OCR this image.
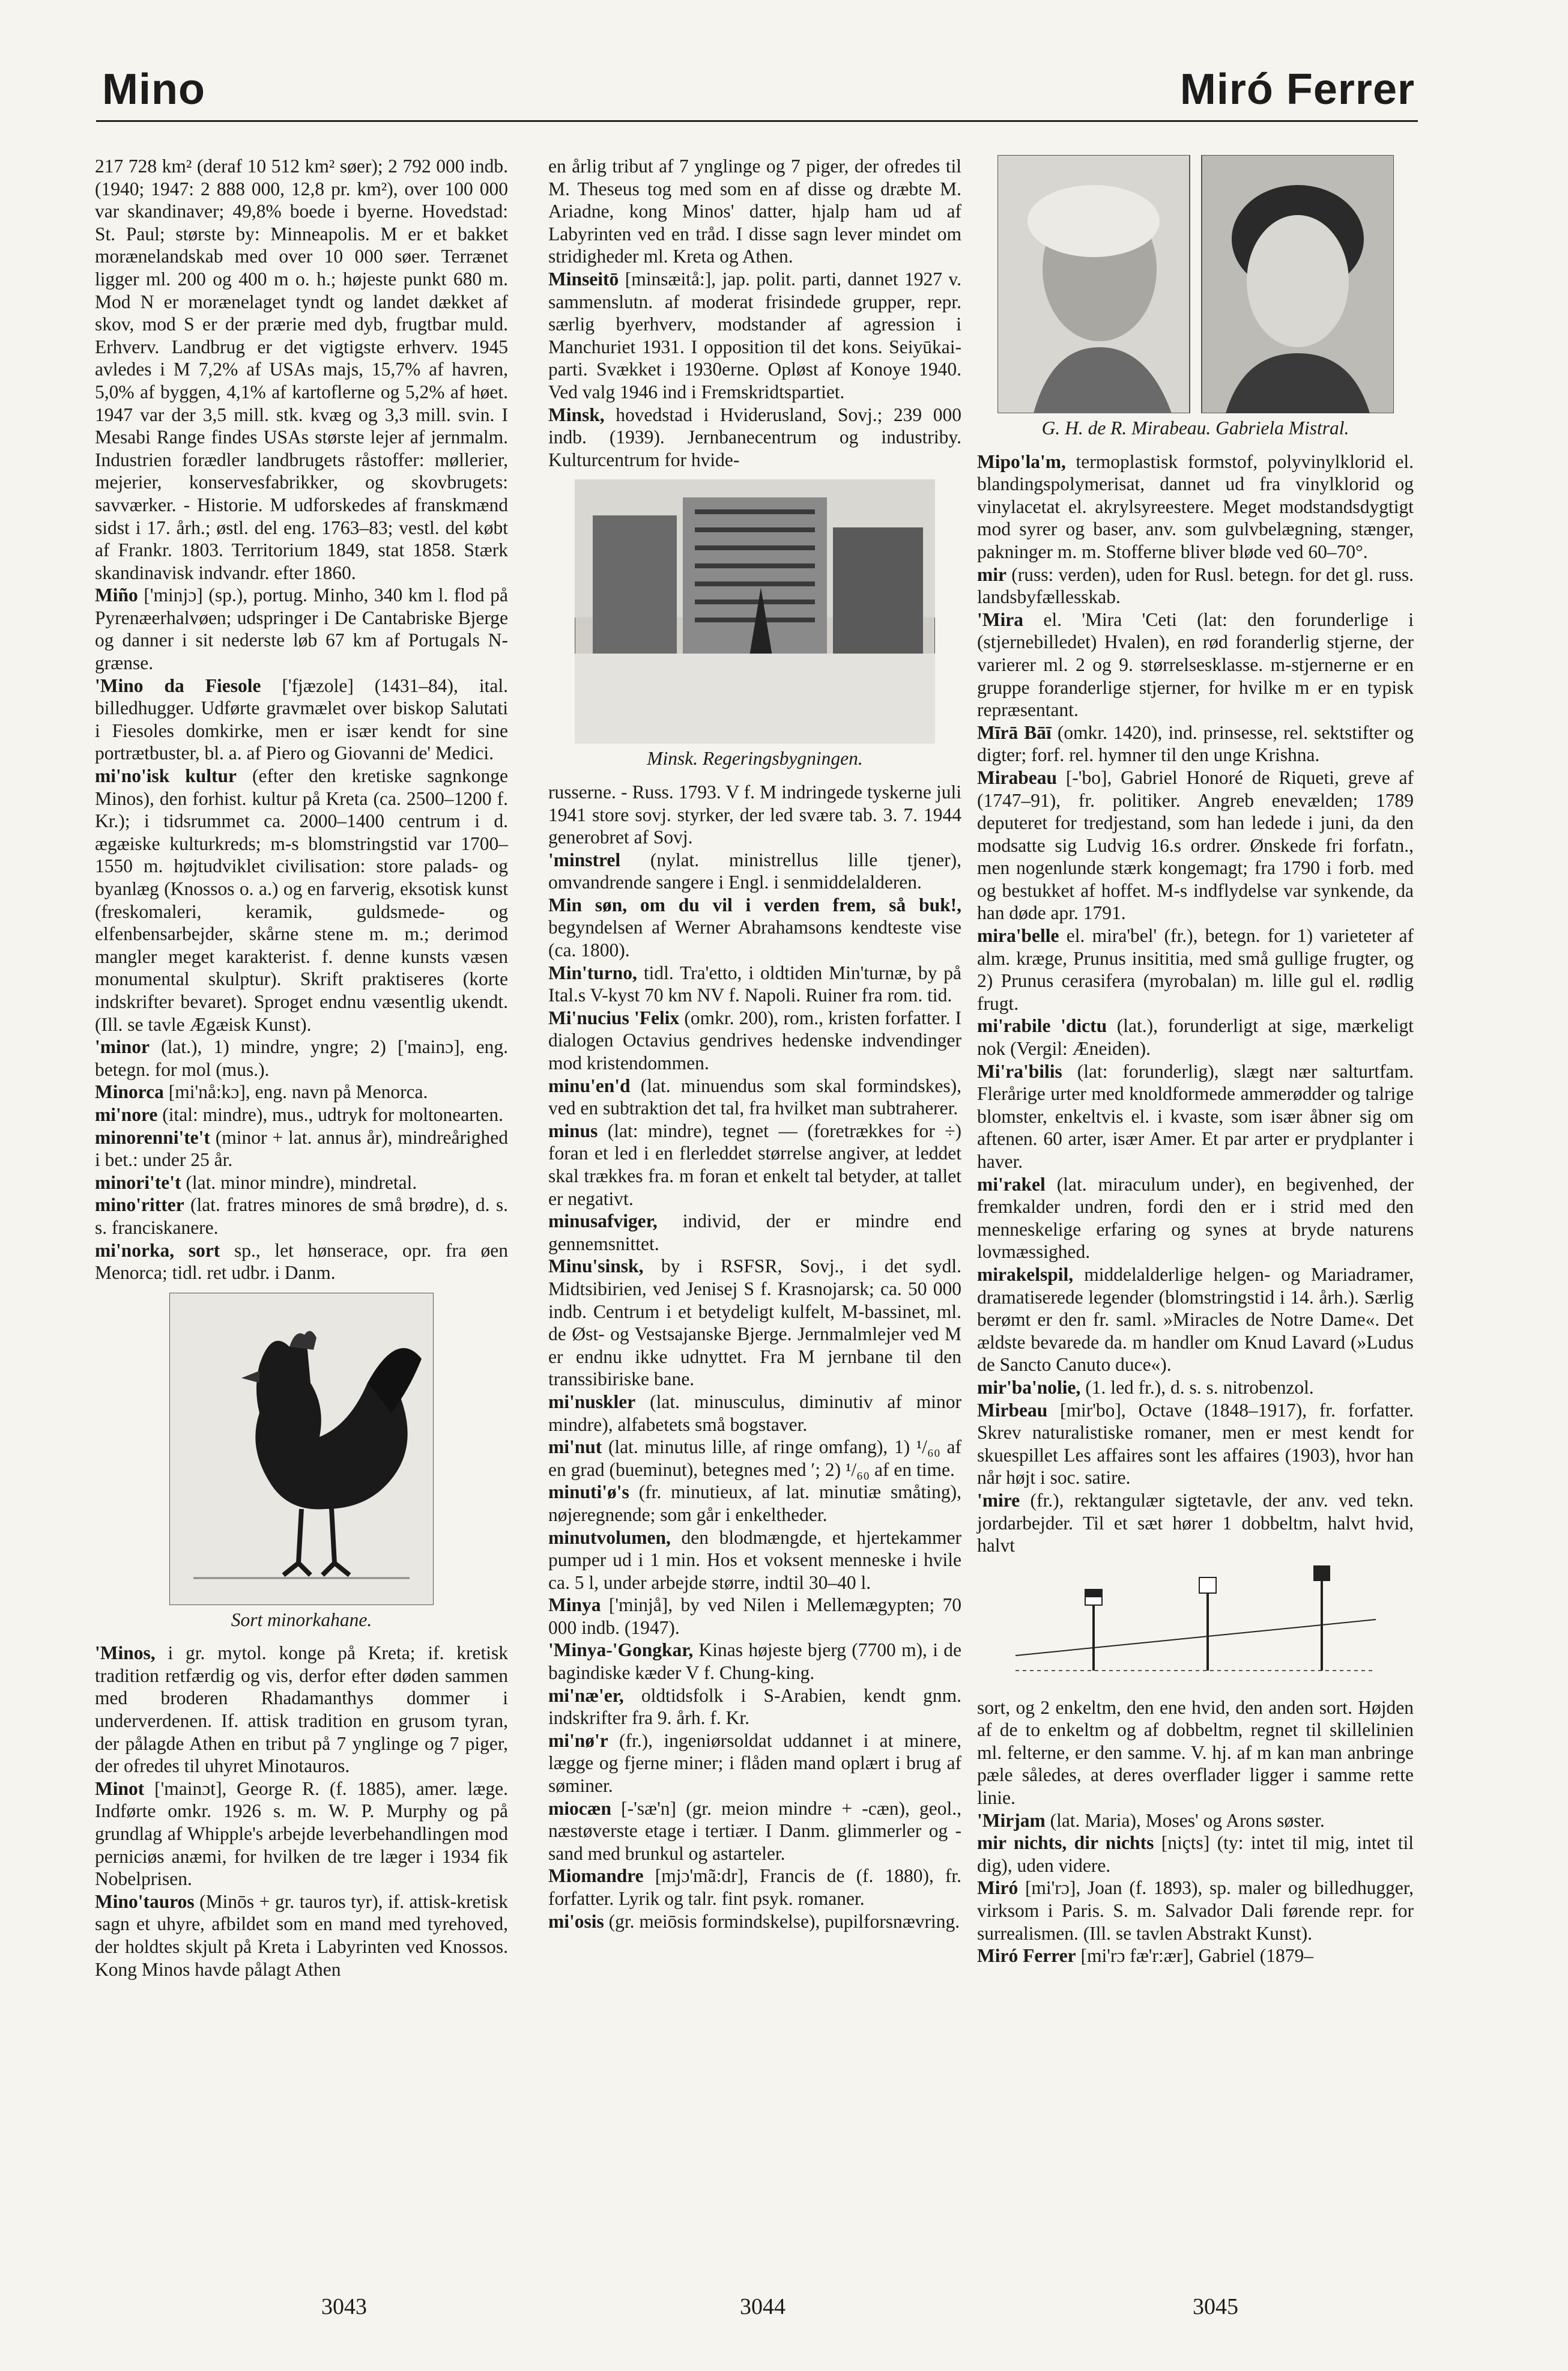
Mino	Miró Ferrer

217 728 km² (deraf 10 512 km² søer); 2 792 000 indb. (1940; 1947: 2 888 000, 12,8 pr. km²), over 100 000 var skandinaver; 49,8% boede i byerne. Hovedstad: St. Paul; største by: Minneapolis. M er et bakket morænelandskab med over 10 000 søer. Terrænet ligger ml. 200 og 400 m o. h.; højeste punkt 680 m. Mod N er morænelaget tyndt og landet dækket af skov, mod S er der prærie med dyb, frugtbar muld. Erhverv. Landbrug er det vigtigste erhverv. 1945 avledes i M 7,2% af USAs majs, 15,7% af havren, 5,0% af byggen, 4,1% af kartoflerne og 5,2% af høet. 1947 var der 3,5 mill. stk. kvæg og 3,3 mill. svin. I Mesabi Range findes USAs største lejer af jernmalm. Industrien forædler landbrugets råstoffer: møllerier, mejerier, konservesfabrikker, og skovbrugets: savværker. - Historie. M udforskedes af franskmænd sidst i 17. årh.; østl. del eng. 1763–83; vestl. del købt af Frankr. 1803. Territorium 1849, stat 1858. Stærk skandinavisk indvandr. efter 1860.

Miño ['minjɔ] (sp.), portug. Minho, 340 km l. flod på Pyrenæerhalvøen; udspringer i De Cantabriske Bjerge og danner i sit nederste løb 67 km af Portugals N-grænse.

'Mino da Fiesole ['fjæzole] (1431–84), ital. billedhugger. Udførte gravmælet over biskop Salutati i Fiesoles domkirke, men er især kendt for sine portrætbuster, bl. a. af Piero og Giovanni de' Medici.

mi'no'isk kultur (efter den kretiske sagnkonge Minos), den forhist. kultur på Kreta (ca. 2500–1200 f. Kr.); i tidsrummet ca. 2000–1400 centrum i d. ægæiske kulturkreds; m-s blomstringstid var 1700–1550 m. højtudviklet civilisation: store palads- og byanlæg (Knossos o. a.) og en farverig, eksotisk kunst (freskomaleri, keramik, guldsmede- og elfenbensarbejder, skårne stene m. m.; derimod mangler meget karakterist. f. denne kunsts væsen monumental skulptur). Skrift praktiseres (korte indskrifter bevaret). Sproget endnu væsentlig ukendt. (Ill. se tavle Ægæisk Kunst).

'minor (lat.), 1) mindre, yngre; 2) ['mainɔ], eng. betegn. for mol (mus.).

Minorca [mi'nå:kɔ], eng. navn på Menorca.

mi'nore (ital: mindre), mus., udtryk for moltonearten.

minorenni'te't (minor + lat. annus år), mindreårighed i bet.: under 25 år.

minori'te't (lat. minor mindre), mindretal.

mino'ritter (lat. fratres minores de små brødre), d. s. s. franciskanere.

mi'norka, sort sp., let hønserace, opr. fra øen Menorca; tidl. ret udbr. i Danm.

Sort minorkahane.

'Minos, i gr. mytol. konge på Kreta; if. kretisk tradition retfærdig og vis, derfor efter døden sammen med broderen Rhadamanthys dommer i underverdenen. If. attisk tradition en grusom tyran, der pålagde Athen en tribut på 7 ynglinge og 7 piger, der ofredes til uhyret Minotauros.

Minot ['mainɔt], George R. (f. 1885), amer. læge. Indførte omkr. 1926 s. m. W. P. Murphy og på grundlag af Whipple's arbejde leverbehandlingen mod perniciøs anæmi, for hvilken de tre læger i 1934 fik Nobelprisen.

Mino'tauros (Minōs + gr. tauros tyr), if. attisk-kretisk sagn et uhyre, afbildet som en mand med tyrehoved, der holdtes skjult på Kreta i Labyrinten ved Knossos. Kong Minos havde pålagt Athen

en årlig tribut af 7 ynglinge og 7 piger, der ofredes til M. Theseus tog med som en af disse og dræbte M. Ariadne, kong Minos' datter, hjalp ham ud af Labyrinten ved en tråd. I disse sagn lever mindet om stridigheder ml. Kreta og Athen.

Minseitō [minsæitå:], jap. polit. parti, dannet 1927 v. sammenslutn. af moderat frisindede grupper, repr. særlig byerhverv, modstander af agression i Manchuriet 1931. I opposition til det kons. Seiyūkai-parti. Svækket i 1930erne. Opløst af Konoye 1940. Ved valg 1946 ind i Fremskridtspartiet.

Minsk, hovedstad i Hviderusland, Sovj.; 239 000 indb. (1939). Jernbanecentrum og industriby. Kulturcentrum for hvide-

Minsk. Regeringsbygningen.

russerne. - Russ. 1793. V f. M indringede tyskerne juli 1941 store sovj. styrker, der led svære tab. 3. 7. 1944 generobret af Sovj.

'minstrel (nylat. ministrellus lille tjener), omvandrende sangere i Engl. i senmiddelalderen.

Min søn, om du vil i verden frem, så buk!, begyndelsen af Werner Abrahamsons kendteste vise (ca. 1800).

Min'turno, tidl. Tra'etto, i oldtiden Min'turnæ, by på Ital.s V-kyst 70 km NV f. Napoli. Ruiner fra rom. tid.

Mi'nucius 'Felix (omkr. 200), rom., kristen forfatter. I dialogen Octavius gendrives hedenske indvendinger mod kristendommen.

minu'en'd (lat. minuendus som skal formindskes), ved en subtraktion det tal, fra hvilket man subtraherer.

minus (lat: mindre), tegnet — (foretrækkes for ÷) foran et led i en flerleddet størrelse angiver, at leddet skal trækkes fra. m foran et enkelt tal betyder, at tallet er negativt.

minusafviger, individ, der er mindre end gennemsnittet.

Minu'sinsk, by i RSFSR, Sovj., i det sydl. Midtsibirien, ved Jenisej S f. Krasnojarsk; ca. 50 000 indb. Centrum i et betydeligt kulfelt, M-bassinet, ml. de Øst- og Vestsajanske Bjerge. Jernmalmlejer ved M er endnu ikke udnyttet. Fra M jernbane til den transsibiriske bane.

mi'nuskler (lat. minusculus, diminutiv af minor mindre), alfabetets små bogstaver.

mi'nut (lat. minutus lille, af ringe omfang), 1) ¹/₆₀ af en grad (bueminut), betegnes med ′; 2) ¹/₆₀ af en time.

minuti'ø's (fr. minutieux, af lat. minutiæ småting), nøjeregnende; som går i enkeltheder.

minutvolumen, den blodmængde, et hjertekammer pumper ud i 1 min. Hos et voksent menneske i hvile ca. 5 l, under arbejde større, indtil 30–40 l.

Minya ['minjå], by ved Nilen i Mellemægypten; 70 000 indb. (1947).

'Minya-'Gongkar, Kinas højeste bjerg (7700 m), i de bagindiske kæder V f. Chung-king.

mi'næ'er, oldtidsfolk i S-Arabien, kendt gnm. indskrifter fra 9. årh. f. Kr.

mi'nø'r (fr.), ingeniørsoldat uddannet i at minere, lægge og fjerne miner; i flåden mand oplært i brug af søminer.

miocæn [-'sæ'n] (gr. meion mindre + -cæn), geol., næstøverste etage i tertiær. I Danm. glimmerler og -sand med brunkul og astarteler.

Miomandre [mjɔ'mã:dr], Francis de (f. 1880), fr. forfatter. Lyrik og talr. fint psyk. romaner.

mi'osis (gr. meiōsis formindskelse), pupilforsnævring.

G. H. de R. Mirabeau. Gabriela Mistral.

Mipo'la'm, termoplastisk formstof, polyvinylklorid el. blandingspolymerisat, dannet ud fra vinylklorid og vinylacetat el. akrylsyreestere. Meget modstandsdygtigt mod syrer og baser, anv. som gulvbelægning, stænger, pakninger m. m. Stofferne bliver bløde ved 60–70°.

mir (russ: verden), uden for Rusl. betegn. for det gl. russ. landsbyfællesskab.

'Mira el. 'Mira 'Ceti (lat: den forunderlige i (stjernebilledet) Hvalen), en rød foranderlig stjerne, der varierer ml. 2 og 9. størrelsesklasse. m-stjernerne er en gruppe foranderlige stjerner, for hvilke m er en typisk repræsentant.

Mīrā Bāī (omkr. 1420), ind. prinsesse, rel. sektstifter og digter; forf. rel. hymner til den unge Krishna.

Mirabeau [-'bo], Gabriel Honoré de Riqueti, greve af (1747–91), fr. politiker. Angreb enevælden; 1789 deputeret for tredjestand, som han ledede i juni, da den modsatte sig Ludvig 16.s ordrer. Ønskede fri forfatn., men nogenlunde stærk kongemagt; fra 1790 i forb. med og bestukket af hoffet. M-s indflydelse var synkende, da han døde apr. 1791.

mira'belle el. mira'bel' (fr.), betegn. for 1) varieteter af alm. kræge, Prunus insititia, med små gullige frugter, og 2) Prunus cerasifera (myrobalan) m. lille gul el. rødlig frugt.

mi'rabile 'dictu (lat.), forunderligt at sige, mærkeligt nok (Vergil: Æneiden).

Mi'ra'bilis (lat: forunderlig), slægt nær salturtfam. Flerårige urter med knoldformede ammerødder og talrige blomster, enkeltvis el. i kvaste, som især åbner sig om aftenen. 60 arter, især Amer. Et par arter er prydplanter i haver.

mi'rakel (lat. miraculum under), en begivenhed, der fremkalder undren, fordi den er i strid med den menneskelige erfaring og synes at bryde naturens lovmæssighed.

mirakelspil, middelalderlige helgen- og Mariadramer, dramatiserede legender (blomstringstid i 14. årh.). Særlig berømt er den fr. saml. »Miracles de Notre Dame«. Det ældste bevarede da. m handler om Knud Lavard (»Ludus de Sancto Canuto duce«).

mir'ba'nolie, (1. led fr.), d. s. s. nitrobenzol.

Mirbeau [mir'bo], Octave (1848–1917), fr. forfatter. Skrev naturalistiske romaner, men er mest kendt for skuespillet Les affaires sont les affaires (1903), hvor han når højt i soc. satire.

'mire (fr.), rektangulær sigtetavle, der anv. ved tekn. jordarbejder. Til et sæt hører 1 dobbeltm, halvt hvid, halvt

sort, og 2 enkeltm, den ene hvid, den anden sort. Højden af de to enkeltm og af dobbeltm, regnet til skillelinien ml. felterne, er den samme. V. hj. af m kan man anbringe pæle således, at deres overflader ligger i samme rette linie.

'Mirjam (lat. Maria), Moses' og Arons søster.

mir nichts, dir nichts [niçts] (ty: intet til mig, intet til dig), uden videre.

Miró [mi'rɔ], Joan (f. 1893), sp. maler og billedhugger, virksom i Paris. S. m. Salvador Dali førende repr. for surrealismen. (Ill. se tavlen Abstrakt Kunst).

Miró Ferrer [mi'rɔ fæ'r:ær], Gabriel (1879–

3043	3044	3045
